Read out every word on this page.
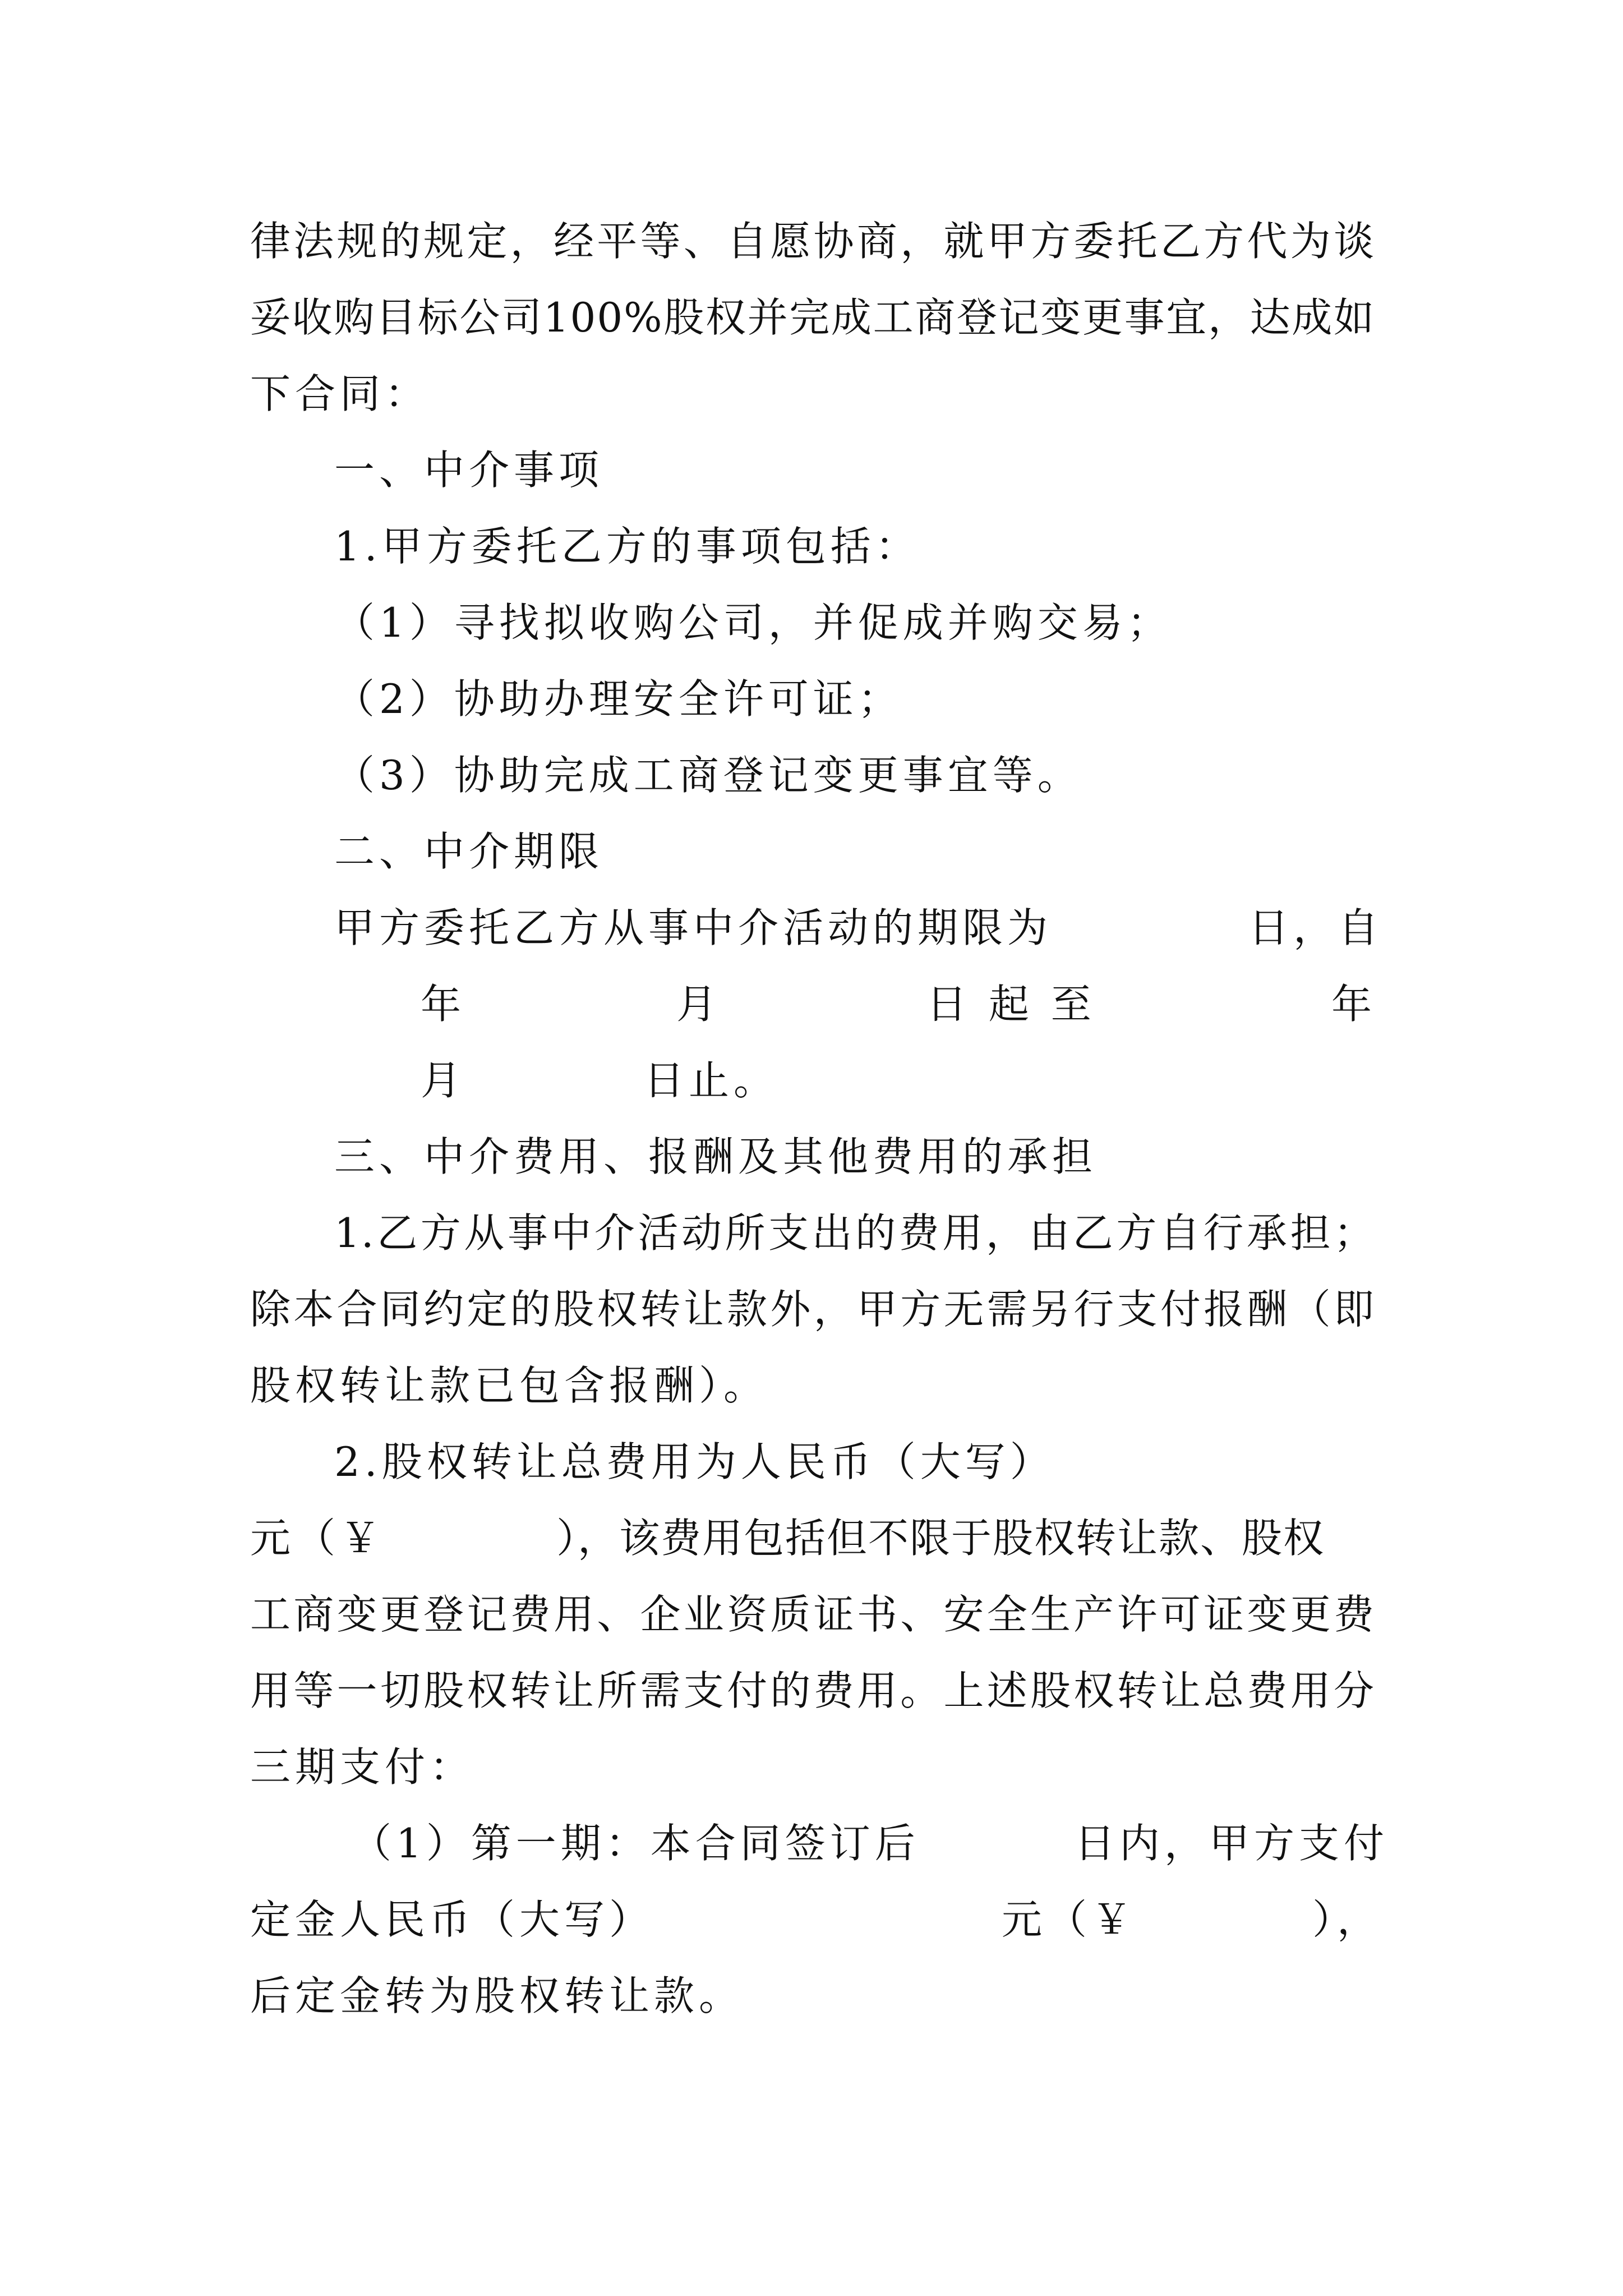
律法规的规定，经平等、自愿协商，就甲方委托乙方代为谈
妥收购目标公司100%股权并完成工商登记变更事宜，达成如
下合同：
一、中介事项
1.甲方委托乙方的事项包括：
（1）寻找拟收购公司，并促成并购交易；
（2）协助办理安全许可证；
（3）协助完成工商登记变更事宜等。
二、中介期限
甲方委托乙方从事中介活动的期限为	日，自
年	月	日 起 至	年
月	日止。
三、中介费用、报酬及其他费用的承担
1.乙方从事中介活动所支出的费用，由乙方自行承担；
除本合同约定的股权转让款外，甲方无需另行支付报酬（即
股权转让款已包含报酬）。
2.股权转让总费用为人民币（大写）
元（￥	），该费用包括但不限于股权转让款、股权
工商变更登记费用、企业资质证书、安全生产许可证变更费
用等一切股权转让所需支付的费用。上述股权转让总费用分
三期支付：
（1）第一期：本合同签订后	日内，甲方支付
定金人民币（大写）	元（￥	），
后定金转为股权转让款。
